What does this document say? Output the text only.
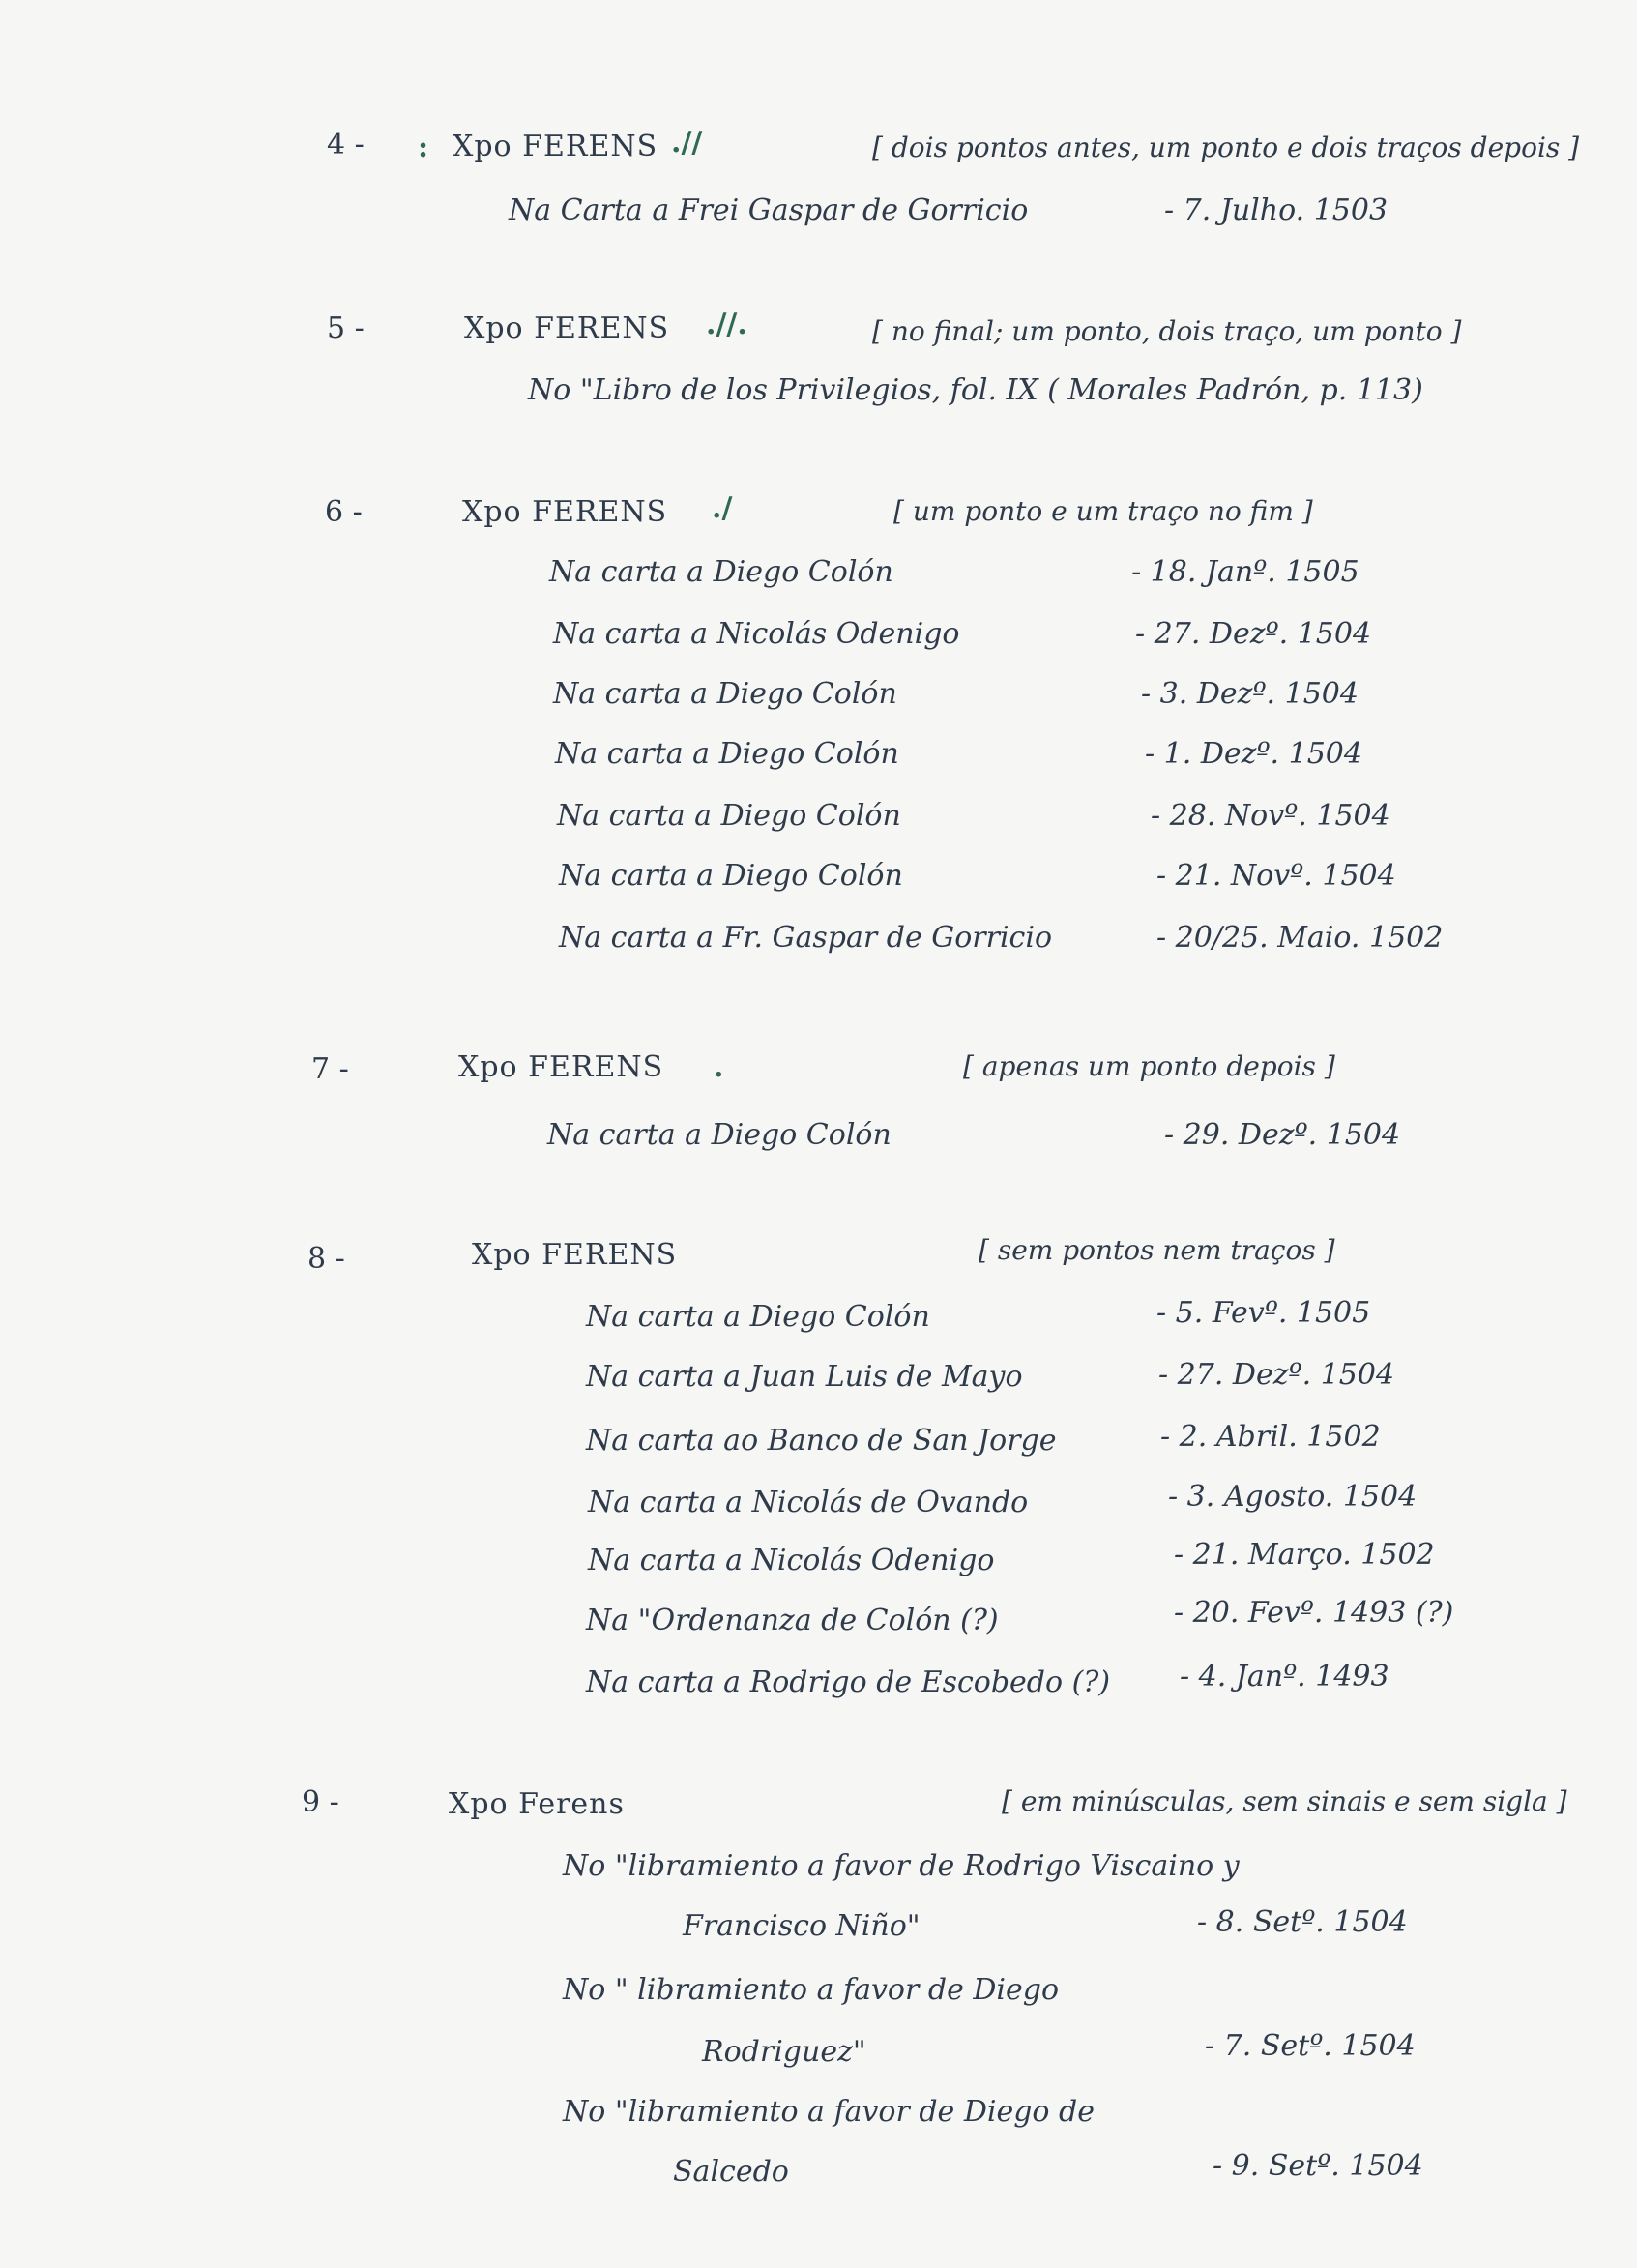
4 - : Xpo FERENS .//	[ dois pontos antes, um ponto e dois traços depois ]
Na Carta a Frei Gaspar de Gorricio	- 7. Julho. 1503
5 -	Xpo FERENS .//.	[ no final; um ponto, dois traço, um ponto ]
No "Libro de los Privilegios, fol. IX ( Morales Padrón, p. 113)
6 -	Xpo FERENS ./	[ um ponto e um traço no fim ]
Na carta a Diego Colón	- 18. Janº. 1505
Na carta a Nicolás Odenigo	- 27. Dezº. 1504
Na carta a Diego Colón	- 3. Dezº. 1504
Na carta a Diego Colón	- 1. Dezº. 1504
Na carta a Diego Colón	- 28. Novº. 1504
Na carta a Diego Colón	- 21. Novº. 1504
Na carta a Fr. Gaspar de Gorricio	- 20/25. Maio. 1502
7 -	Xpo FERENS .	[ apenas um ponto depois ]
Na carta a Diego Colón	- 29. Dezº. 1504
8 -	Xpo FERENS	[ sem pontos nem traços ]
Na carta a Diego Colón	- 5. Fevº. 1505
Na carta a Juan Luis de Mayo	- 27. Dezº. 1504
Na carta ao Banco de San Jorge	- 2. Abril. 1502
Na carta a Nicolás de Ovando	- 3. Agosto. 1504
Na carta a Nicolás Odenigo	- 21. Março. 1502
Na "Ordenanza de Colón (?)	- 20. Fevº. 1493 (?)
Na carta a Rodrigo de Escobedo (?) - 4. Janº. 1493
9 -	Xpo Ferens	[ em minúsculas, sem sinais e sem sigla ]
No "libramiento a favor de Rodrigo Viscaino y
Francisco Niño"	- 8. Setº. 1504
No " libramiento a favor de Diego
Rodriguez"	- 7. Setº. 1504
No "libramiento a favor de Diego de
Salcedo	- 9. Setº. 1504
